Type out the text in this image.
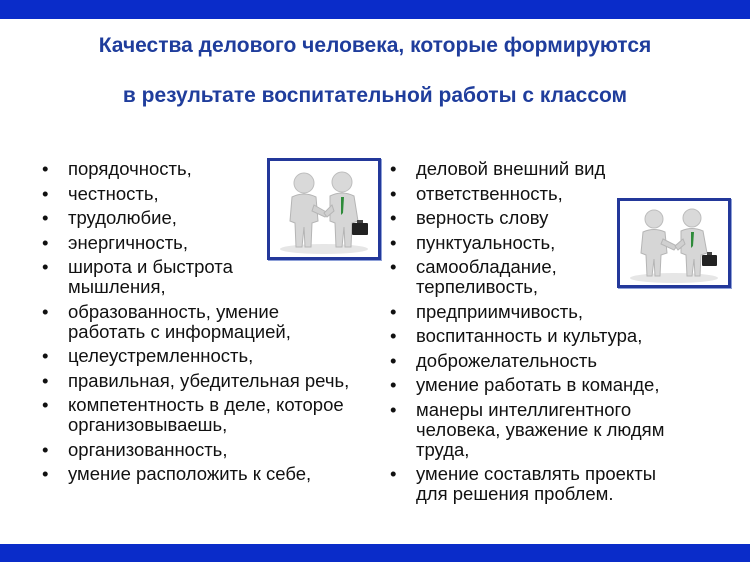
Качества делового человека, которые формируются
в результате воспитательной работы с классом
• порядочность,
• честность,
• трудолюбие,
• энергичность,
• широта и быстрота мышления,
• образованность, умение работать с информацией,
• целеустремленность,
• правильная, убедительная речь,
• компетентность в деле, которое организовываешь,
• организованность,
• умение расположить к себе,
• деловой внешний вид
• ответственность,
• верность слову
• пунктуальность,
• самообладание, терпеливость,
• предприимчивость,
• воспитанность и культура,
• доброжелательность
• умение работать в команде,
• манеры интеллигентного человека, уважение к людям труда,
• умение составлять проекты для решения проблем.
